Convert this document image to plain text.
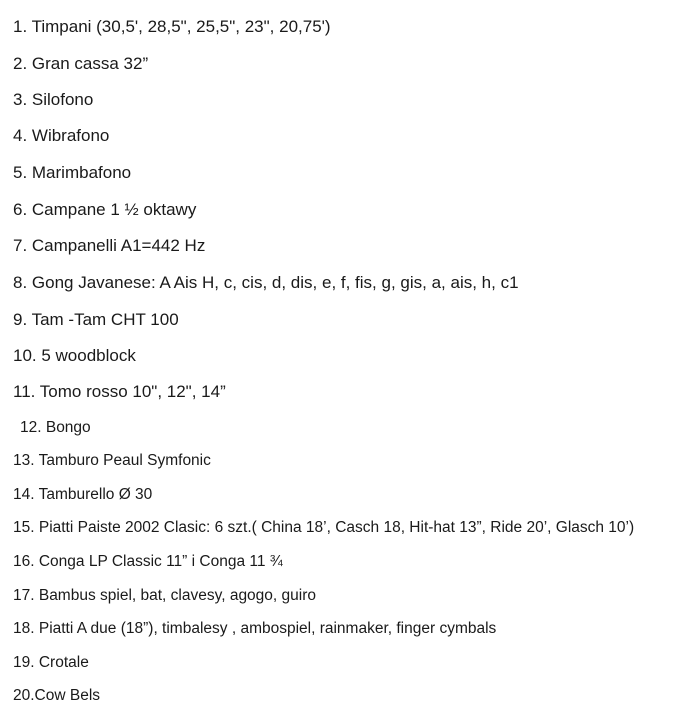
1. Timpani (30,5', 28,5", 25,5", 23", 20,75')
2. Gran cassa 32”
3. Silofono
4. Wibrafono
5. Marimbafono
6. Campane 1 ½ oktawy
7. Campanelli A1=442 Hz
8. Gong Javanese: A Ais H, c, cis, d, dis, e, f, fis, g, gis, a, ais, h, c1
9. Tam -Tam CHT 100
10. 5 woodblock
11. Tomo rosso 10", 12", 14”
12. Bongo
13. Tamburo Peaul Symfonic
14. Tamburello Ø 30
15. Piatti Paiste 2002 Clasic: 6 szt.( China 18’, Casch 18, Hit-hat 13”, Ride 20’, Glasch 10’)
16. Conga LP Classic 11” i Conga 11 ¾
17. Bambus spiel, bat, clavesy, agogo, guiro
18. Piatti A due (18”), timbalesy , ambospiel, rainmaker, finger cymbals
19. Crotale
20.Cow Bels
